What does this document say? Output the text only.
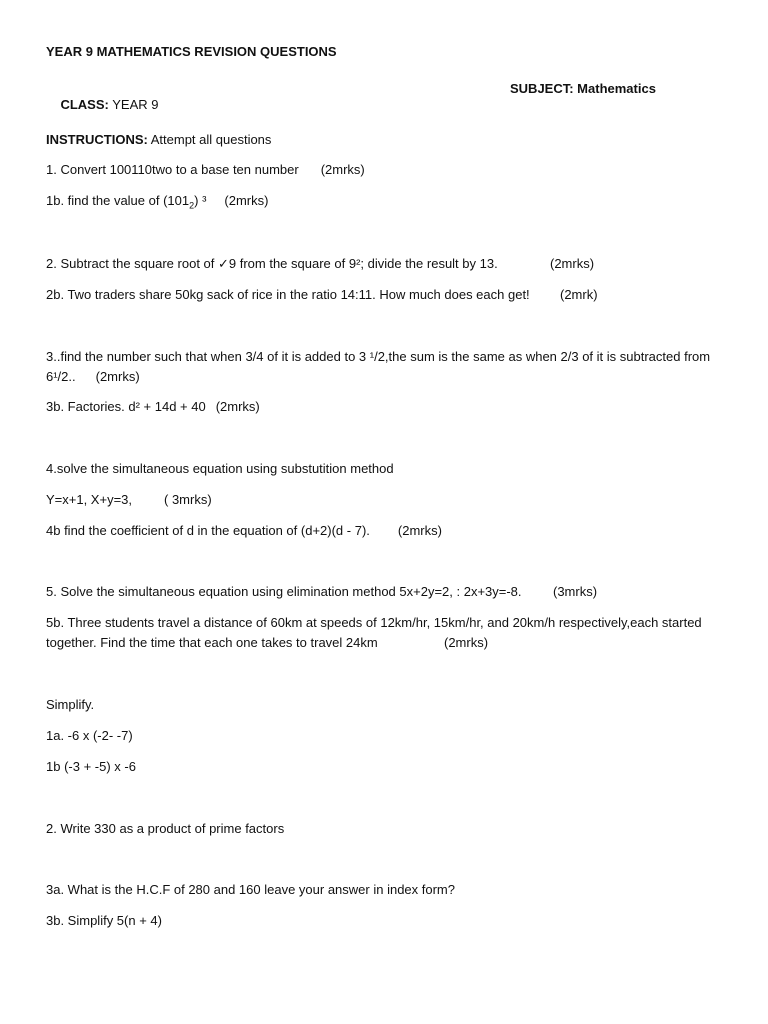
YEAR 9 MATHEMATICS REVISION QUESTIONS

CLASS: YEAR 9

SUBJECT: Mathematics

INSTRUCTIONS: Attempt all questions
1. Convert 100110two to a base ten number (2mrks)
1b. find the value of $(101_2)$ ³ (2mrks)
2. Subtract the square root of ✓9 from the square of 9²; divide the result by 13.	(2mrks)
2b. Two traders share 50kg sack of rice in the ratio 14:11. How much does each get! (2mrk)
3..find the number such that when 3/4 of it is added to 3 ¹/2,the sum is the same as when 2/3 of it is subtracted from
6¹/2.. (2mrks)
3b. Factories. d² + 14d + 40 (2mrks)
4.solve the simultaneous equation using substutition method
Y=x+1, X+y=3, ( 3mrks)
4b find the coefficient of d in the equation of (d+2)(d - 7). (2mrks)
5. Solve the simultaneous equation using elimination method 5x+2y=2, : 2x+3y=-8. (3mrks)
5b. Three students travel a distance of 60km at speeds of 12km/hr, 15km/hr, and 20km/h respectively,each started
together. Find the time that each one takes to travel 24km	(2mrks)
Simplify.
1a. -6 x (-2- -7)
1b (-3 + -5) x -6
2. Write 330 as a product of prime factors
3a. What is the H.C.F of 280 and 160 leave your answer in index form?
3b. Simplify 5(n + 4)
